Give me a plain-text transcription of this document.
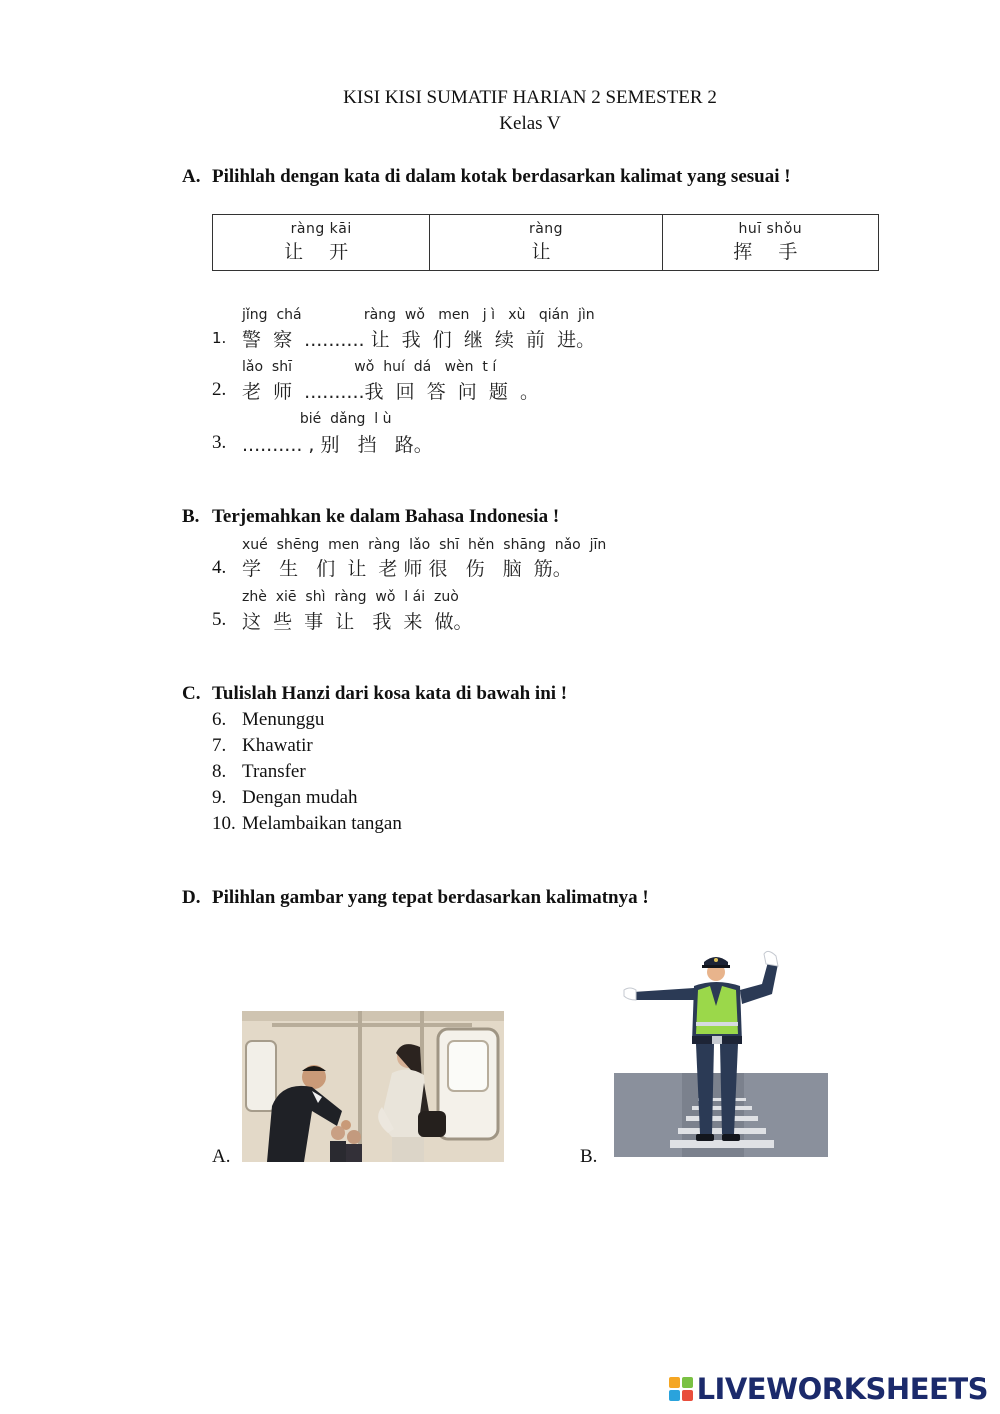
KISI KISI SUMATIF HARIAN 2 SEMESTER 2
Kelas V
A. Pilihlah dengan kata di dalam kotak berdasarkan kalimat yang sesuai !
ràng kāi
让 开
ràng
让
huī shǒu
挥 手
jǐng  chá              ràng  wǒ   men   j ì   xù   qián  jìn
1. 警  察  .......... 让  我  们  继  续  前  进。
lǎo  shī              wǒ  huí  dá   wèn  t í
2. 老  师  ..........我  回  答  问  题  。
bié  dǎng  l ù
3. .......... , 别   挡   路。
B. Terjemahkan ke dalam Bahasa Indonesia !
xué  shēng  men  ràng  lǎo  shī  hěn  shāng  nǎo  jīn
4. 学   生   们  让  老 师 很   伤   脑  筋。
zhè  xiē  shì  ràng  wǒ  l ái  zuò
5. 这  些  事  让   我  来  做。
C. Tulislah Hanzi dari kosa kata di bawah ini !
6. Menunggu
7. Khawatir
8. Transfer
9. Dengan mudah
10. Melambaikan tangan
D. Pilihlan gambar yang tepat berdasarkan kalimatnya !
A.	B.
LIVEWORKSHEETS
